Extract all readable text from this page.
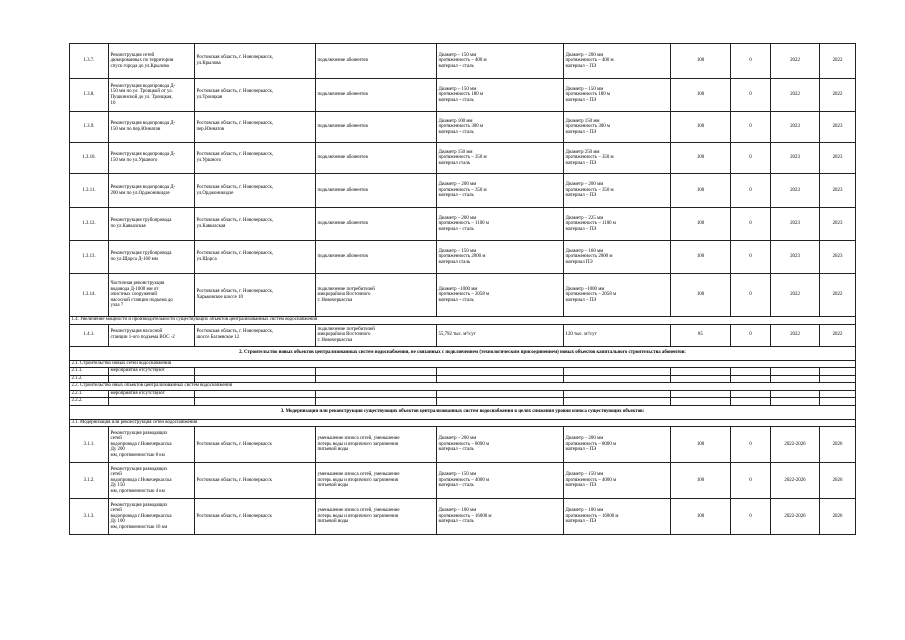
1.3.7.	Реконструкция сетей
дюкированных по территории
спуск города до ул.Крылова	Ростовская область, г. Новочеркасск,
ул.Крылова	подключение абонентов	Диаметр – 150 мм
протяженность – 400 м
материал – сталь	Диаметр – 200 мм
протяженность – 400 м
материал – ПЭ	100	0	2022	2022
1.3.8.	Реконструкция водопровода Д-
150 мм по ул. Троицкой от ул.
Пушкинской до ул. Троицкая,
10	Ростовская область, г. Новочеркасск,
ул.Троицкая	подключение абонентов	Диаметр – 150 мм
протяженность 180 м
материал – сталь	Диаметр – 150 мм
протяженность 180 м
материал – ПЭ	100	0	2022	2022
1.3.9.	Реконструкция водопровода Д-
150 мм по пер.Юннатов	Ростовская область, г. Новочеркасск,
пер.Юннатов	подключение абонентов	Диаметр 100 мм
протяженность 300 м
материал – сталь	Диаметр 150 мм
протяженность 300 м
материал – ПЭ	100	0	2023	2023
1.3.10.	Реконструкция водопровода Д-
150 мм по ул.Уршного	Ростовская область, г. Новочеркасск,
ул.Уршного	подключение абонентов	Диаметр 150 мм
протяженность – 350 м
материал сталь	Диаметр 250 мм
протяженность – 350 м
материал – ПЭ	100	0	2023	2023
1.3.11.	Реконструкция водопровода Д-
200 мм по ул.Орджоникидзе	Ростовская область, г. Новочеркасск,
ул.Орджоникидзе	подключение абонентов	Диаметр – 200 мм
протяженность – 350 м
материал – сталь	Диаметр – 200 мм
протяженность – 350 м
материал – ПЭ	100	0	2023	2023
1.3.12.	Реконструкция трубопровода
по ул.Кавказская	Ростовская область, г. Новочеркасск,
ул.Кавказская	подключение абонентов	Диаметр – 200 мм
протяженность – 1100 м
материал – сталь	Диаметр – 225 мм
протяженность – 1100 м
материал – ПЭ	100	0	2023	2023
1.3.13.	Реконструкция трубопровода
по ул.Щорса Д-160 мм	Ростовская область, г. Новочеркасск,
ул.Щорса	подключение абонентов	Диаметр – 150 мм
протяженность 2000 м
материал сталь	Диаметр – 160 мм
протяженность 2000 м
материал ПЭ	100	0	2023	2023
1.3.14.	Частичная реконструкция
водовода Д-1000 мм от
очистных сооружений
насосной станции подъема до
узла 7	Ростовская область, г. Новочеркасск,
Харьковское шоссе 10	подключение потребителей
микрорайона Восточного
г. Новочеркасска	Диаметр –1000 мм
протяженность – 2058 м
материал – сталь	Диаметр –1000 мм
протяженность – 2058 м
материал – ПЭ	100	0	2022	2022
1.4. Увеличение мощности и производительности существующих объектов централизованных систем водоснабжения									
1.4.1.	Реконструкция насосной
станции 1-ого подъема ВОС -2	Ростовская область, г. Новочеркасск,
шоссе Багаевское 12	подключение потребителей
микрорайона Восточного
г. Новочеркасска	55,792 тыс. м³/сут	120 тыс. м³/сут	85	0	2022	2022
2. Строительство новых объектов централизованных систем водоснабжения, не связанных с подключением (технологическим присоединением) новых объектов капитального строительства абонентов:									
2.1. Строительство новых сетей водоснабжения									
2.1.1.	мероприятия отсутствуют								
2.1.2.									
2.2. Строительство иных объектов централизованных систем водоснабжения									
2.2.1.	мероприятия отсутствуют								
2.2.2.									
3. Модернизация или реконструкция существующих объектов централизованных систем водоснабжения в целях снижения уровня износа существующих объектов:									
3.1. Модернизация или реконструкция сетей водоснабжения									
3.1.1.	Реконструкция разводящих
сетей
водопровода г.Новочеркасска
Ду 200
мм, протяженностью 8 км	Ростовская область, г. Новочеркасск	уменьшение износа сетей, уменьшение
потерь воды и вторичного загрязнения
питьевой воды	Диаметр – 200 мм
протяженность – 8000 м
материал – сталь	Диаметр – 200 мм
протяженность – 8000 м
материал – ПЭ	100	0	2022-2026	2026
3.1.2.	Реконструкция разводящих
сетей
водопровода г.Новочеркасска
Ду 150
мм, протяженностью 4 км	Ростовская область, г. Новочеркасск	уменьшение износа сетей, уменьшение
потерь воды и вторичного загрязнения
питьевой воды	Диаметр – 150 мм
протяженность – 4000 м
материал – сталь	Диаметр – 150 мм
протяженность – 4000 м
материал – ПЭ	100	0	2022-2026	2026
3.1.3.	Реконструкция разводящих
сетей
водопровода г.Новочеркасска
Ду 100
мм, протяженностью 16 км	Ростовская область, г. Новочеркасск	уменьшение износа сетей, уменьшение
потерь воды и вторичного загрязнения
питьевой воды	Диаметр – 100 мм
протяженность – 16000 м
материал – сталь	Диаметр – 100 мм
протяженность – 16000 м
материал – ПЭ	100	0	2022-2026	2026
